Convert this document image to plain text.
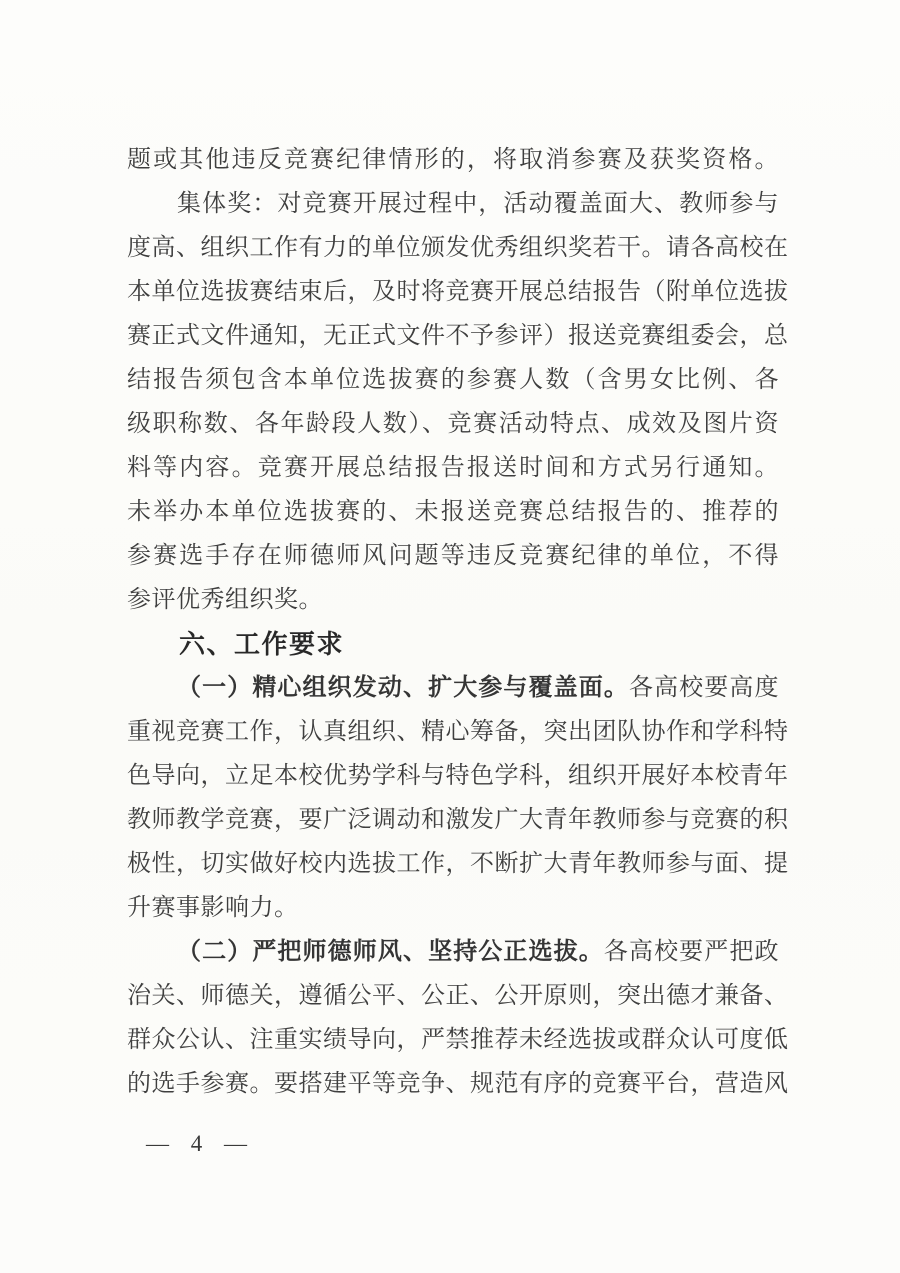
题或其他违反竞赛纪律情形的，将取消参赛及获奖资格。
集体奖：对竞赛开展过程中，活动覆盖面大、教师参与
度高、组织工作有力的单位颁发优秀组织奖若干。请各高校在
本单位选拔赛结束后，及时将竞赛开展总结报告（附单位选拔
赛正式文件通知，无正式文件不予参评）报送竞赛组委会，总
结报告须包含本单位选拔赛的参赛人数（含男女比例、各
级职称数、各年龄段人数）、竞赛活动特点、成效及图片资
料等内容。竞赛开展总结报告报送时间和方式另行通知。
未举办本单位选拔赛的、未报送竞赛总结报告的、推荐的
参赛选手存在师德师风问题等违反竞赛纪律的单位，不得
参评优秀组织奖。
六、工作要求
（一）精心组织发动、扩大参与覆盖面。各高校要高度
重视竞赛工作，认真组织、精心筹备，突出团队协作和学科特
色导向，立足本校优势学科与特色学科，组织开展好本校青年
教师教学竞赛，要广泛调动和激发广大青年教师参与竞赛的积
极性，切实做好校内选拔工作，不断扩大青年教师参与面、提
升赛事影响力。
（二）严把师德师风、坚持公正选拔。各高校要严把政
治关、师德关，遵循公平、公正、公开原则，突出德才兼备、
群众公认、注重实绩导向，严禁推荐未经选拔或群众认可度低
的选手参赛。要搭建平等竞争、规范有序的竞赛平台，营造风
— 4 —
